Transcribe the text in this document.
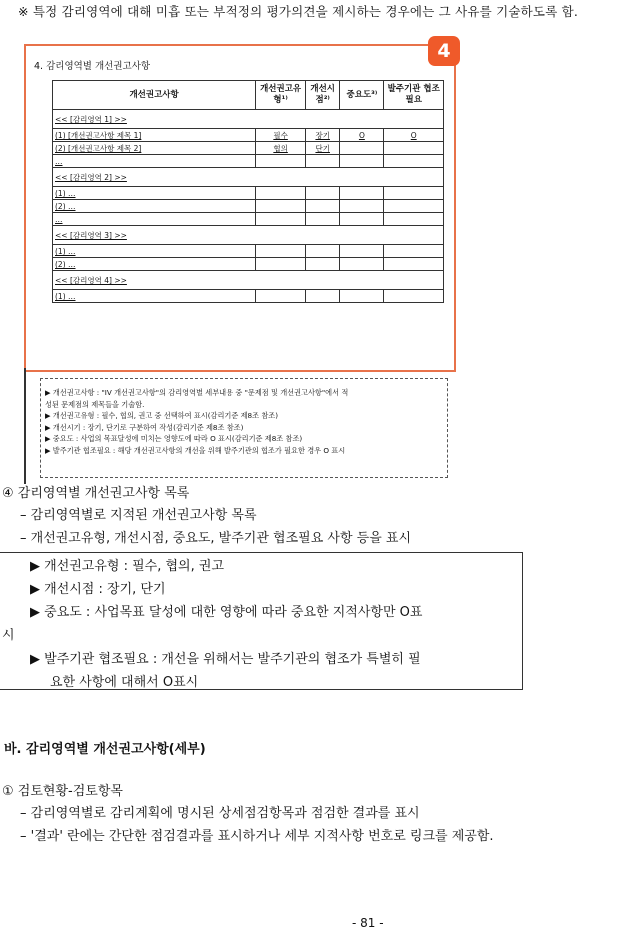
※ 특정 감리영역에 대해 미흡 또는 부적정의 평가의견을 제시하는 경우에는 그 사유를 기술하도록 함.
4. 감리영역별 개선권고사항
개선권고사항	개선권고유형¹⁾	개선시점²⁾	중요도³⁾	발주기관 협조필요
<< [감리영역 1] >>				
(1) [개선권고사항 제목 1]	필수	장기	O	O
(2) [개선권고사항 제목 2]	협의	단기		
…				
<< [감리영역 2] >>				
(1) …				
(2) …				
…				
<< [감리영역 3] >>				
(1) …				
(2) …				
<< [감리영역 4] >>				
(1) …				
4
▶ 개선권고사항 : "IV 개선권고사항"의 감리영역별 세부내용 중 "문제점 및 개선권고사항"에서 적
성된 문제점의 제목들을 기술함.
▶ 개선권고유형 : 필수, 협의, 권고 중 선택하여 표시(감리기준 제8조 참조)
▶ 개선시기 : 장기, 단기로 구분하여 작성(감리기준 제8조 참조)
▶ 중요도 : 사업의 목표달성에 미치는 영향도에 따라 O 표시(감리기준 제8조 참조)
▶ 발주기관 협조필요 : 해당 개선권고사항의 개선을 위해 발주기관의 협조가 필요한 경우 O 표시
④ 감리영역별 개선권고사항 목록
– 감리영역별로 지적된 개선권고사항 목록
– 개선권고유형, 개선시점, 중요도, 발주기관 협조필요 사항 등을 표시
▶ 개선권고유형 : 필수, 협의, 권고
▶ 개선시점 : 장기, 단기
▶ 중요도 : 사업목표 달성에 대한 영향에 따라 중요한 지적사항만 O표
시
▶ 발주기관 협조필요 : 개선을 위해서는 발주기관의 협조가 특별히 필
요한 사항에 대해서 O표시
바. 감리영역별 개선권고사항(세부)
① 검토현황-검토항목
– 감리영역별로 감리계획에 명시된 상세점검항목과 점검한 결과를 표시
– '결과' 란에는 간단한 점검결과를 표시하거나 세부 지적사항 번호로 링크를 제공함.
- 81 -
